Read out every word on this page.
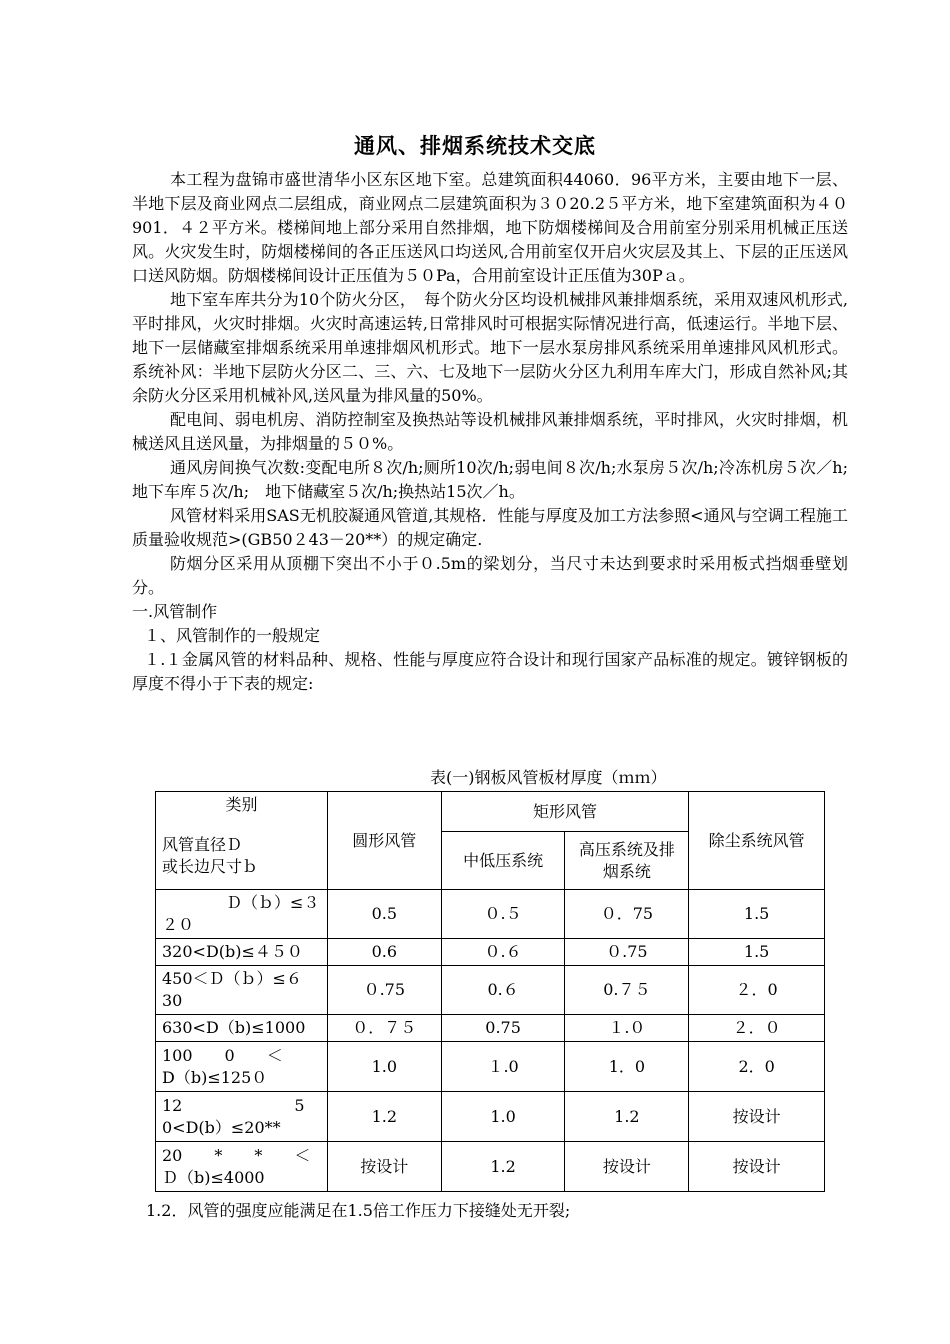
通风、排烟系统技术交底

本工程为盘锦市盛世清华小区东区地下室。总建筑面积44060．96平方米，主要由地下一层、半地下层及商业网点二层组成，商业网点二层建筑面积为３０20.2５平方米，地下室建筑面积为４０901．４２平方米。楼梯间地上部分采用自然排烟，地下防烟楼梯间及合用前室分别采用机械正压送风。火灾发生时，防烟楼梯间的各正压送风口均送风,合用前室仅开启火灾层及其上、下层的正压送风口送风防烟。防烟楼梯间设计正压值为５０Pa，合用前室设计正压值为30Pａ。

地下室车库共分为10个防火分区，　每个防火分区均设机械排风兼排烟系统，采用双速风机形式,平时排风，火灾时排烟。火灾时高速运转,日常排风时可根据实际情况进行高，低速运行。半地下层、地下一层储藏室排烟系统采用单速排烟风机形式。地下一层水泵房排风系统采用单速排风风机形式。系统补风：半地下层防火分区二、三、六、七及地下一层防火分区九利用车库大门，形成自然补风;其余防火分区采用机械补风,送风量为排风量的50%。

配电间、弱电机房、消防控制室及换热站等设机械排风兼排烟系统，平时排风，火灾时排烟，机械送风且送风量，为排烟量的５０%。

通风房间换气次数:变配电所８次/h;厕所10次/h;弱电间８次/h;水泵房５次/h;冷冻机房５次／h;地下车库５次/h;　地下储藏室５次/h;换热站15次／h。

风管材料采用SAS无机胶凝通风管道,其规格．性能与厚度及加工方法参照<通风与空调工程施工质量验收规范>(GB50２43－20**）的规定确定.

防烟分区采用从顶棚下突出不小于０.5m的梁划分，当尺寸未达到要求时采用板式挡烟垂壁划分。

一.风管制作

１、风管制作的一般规定

１.１金属风管的材料品种、规格、性能与厚度应符合设计和现行国家产品标准的规定。镀锌钢板的厚度不得小于下表的规定:

表(一)钢板风管板材厚度（ｍｍ）
类别
风管直径Ｄ
或长边尺寸ｂ	圆形风管	矩形风管		除尘系统风管
		中低压系统	高压系统及排烟系统	
　　　　Ｄ（ｂ）≤３２０	0.5	０.５	０．75	1.5
320<D(b)≤４５０	0.6	０.６	０.75	1.5
450＜Ｄ（ｂ）≤６30	０.75	0.６	0.７５	２．0
630<D（b)≤1000	０．７５	0.75	１.０	２．０
100　　0　　＜　　D（b)≤125０	1.0	１.0	1．0	2．0
12　　　　　　　5 0<D(b）≤20**	1.2	1.0	1.2	按设计
20　　*　　*　　＜Ｄ（b)≤4000	按设计	1.2	按设计	按设计
1.2．风管的强度应能满足在1.5倍工作压力下接缝处无开裂;
